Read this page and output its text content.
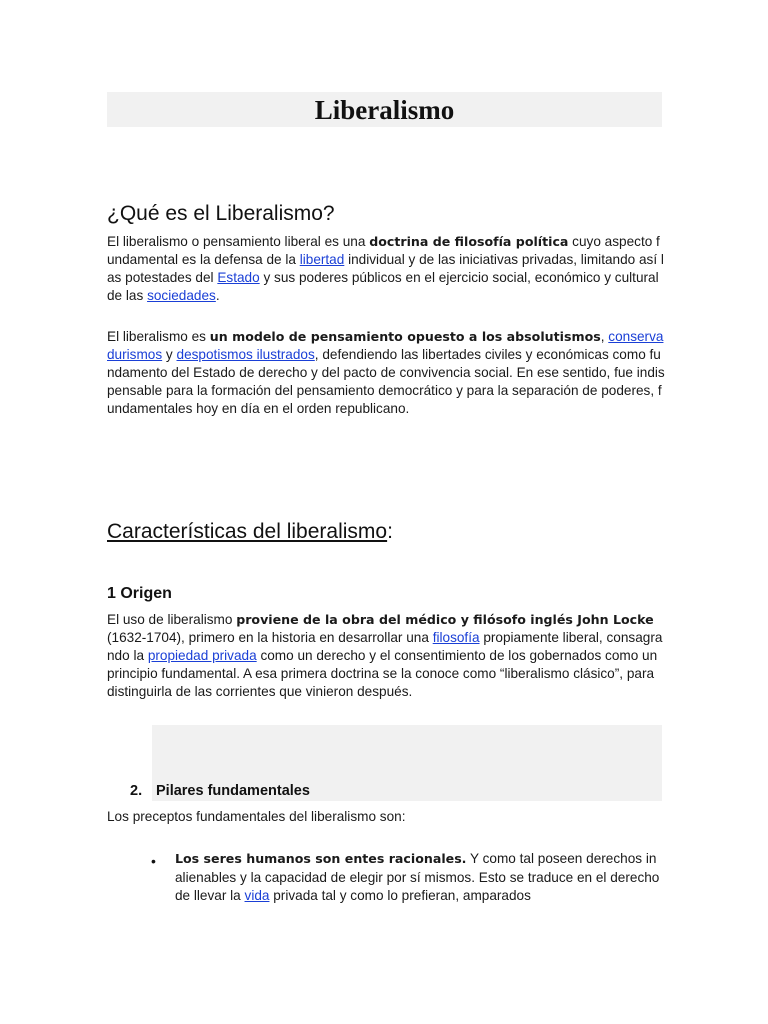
Liberalismo
¿Qué es el Liberalismo?

El liberalismo o pensamiento liberal es una doctrina de filosofía política cuyo aspecto fundamental es la defensa de la libertad individual y de las iniciativas privadas, limitando así las potestades del Estado y sus poderes públicos en el ejercicio social, económico y cultural de las sociedades.

El liberalismo es un modelo de pensamiento opuesto a los absolutismos, conservadurismos y despotismos ilustrados, defendiendo las libertades civiles y económicas como fundamento del Estado de derecho y del pacto de convivencia social. En ese sentido, fue indispensable para la formación del pensamiento democrático y para la separación de poderes, fundamentales hoy en día en el orden republicano.

Características del liberalismo:
1 Origen

El uso de liberalismo proviene de la obra del médico y filósofo inglés John Locke (1632-1704), primero en la historia en desarrollar una filosofía propiamente liberal, consagrando la propiedad privada como un derecho y el consentimiento de los gobernados como un principio fundamental. A esa primera doctrina se la conoce como “liberalismo clásico”, para distinguirla de las corrientes que vinieron después.

2. Pilares fundamentales

Los preceptos fundamentales del liberalismo son:

• Los seres humanos son entes racionales. Y como tal poseen derechos inalienables y la capacidad de elegir por sí mismos. Esto se traduce en el derecho de llevar la vida privada tal y como lo prefieran, amparados
